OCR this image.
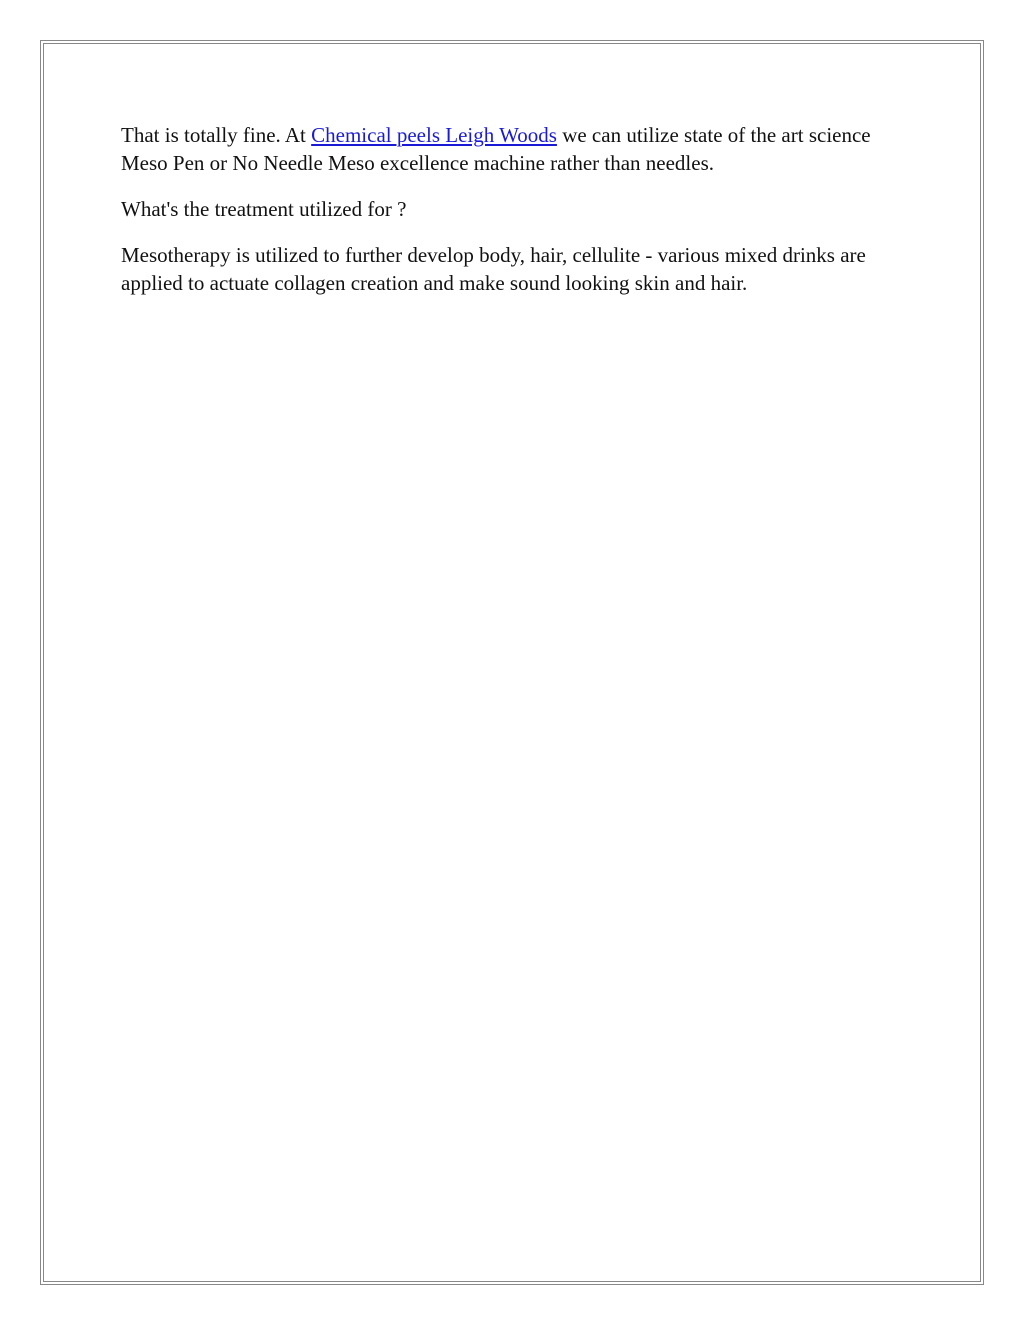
That is totally fine. At Chemical peels Leigh Woods we can utilize state of the art science Meso Pen or No Needle Meso excellence machine rather than needles.

What's the treatment utilized for ?

Mesotherapy is utilized to further develop body, hair, cellulite - various mixed drinks are applied to actuate collagen creation and make sound looking skin and hair.
